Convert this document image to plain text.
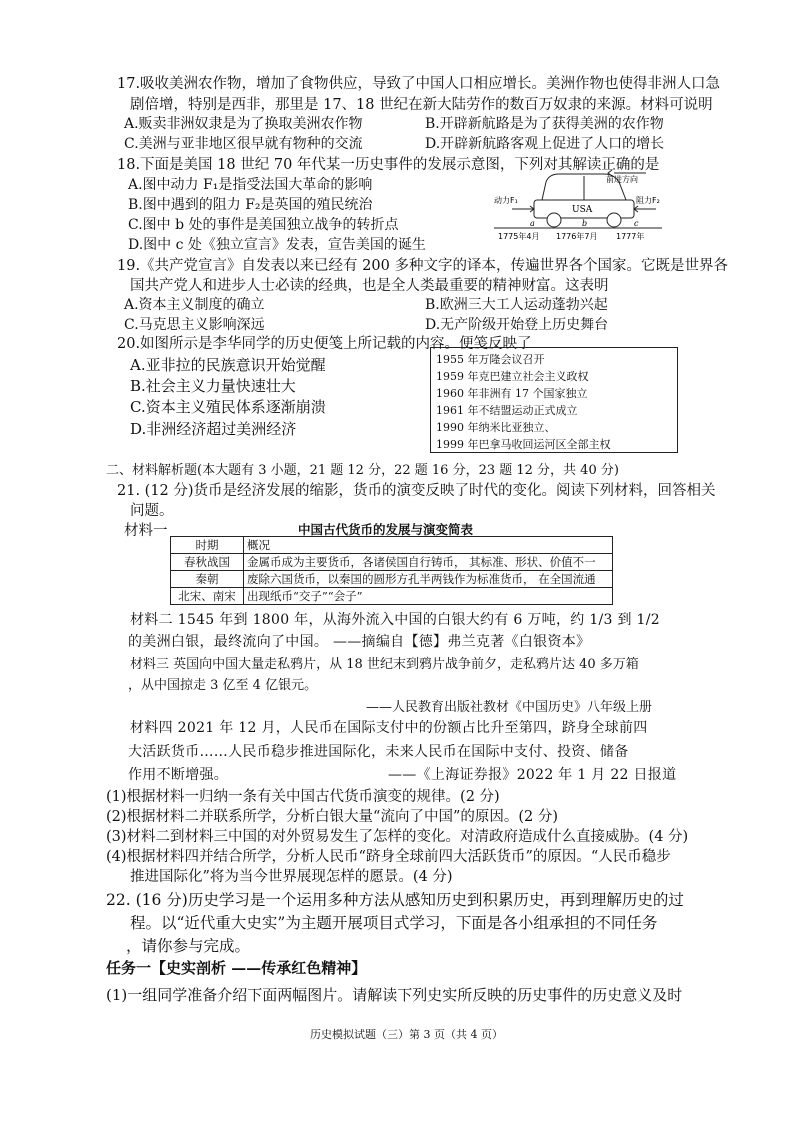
17.吸收美洲农作物，增加了食物供应，导致了中国人口相应增长。美洲作物也使得非洲人口急
剧倍增，特别是西非，那里是 17、18 世纪在新大陆劳作的数百万奴隶的来源。材料可说明
A.贩卖非洲奴隶是为了换取美洲农作物	B.开辟新航路是为了获得美洲的农作物
C.美洲与亚非地区很早就有物种的交流	D.开辟新航路客观上促进了人口的增长
18.下面是美国 18 世纪 70 年代某一历史事件的发展示意图，下列对其解读正确的是
A.图中动力 F₁是指受法国大革命的影响
B.图中遇到的阻力 F₂是英国的殖民统治
C.图中 b 处的事件是美国独立战争的转折点
D.图中 c 处《独立宣言》发表，宣告美国的诞生
前进方向
USA
动力F₁	阻力F₂
a	b	c
1775年4月 1776年7月 1777年
19.《共产党宣言》自发表以来已经有 200 多种文字的译本，传遍世界各个国家。它既是世界各
国共产党人和进步人士必读的经典，也是全人类最重要的精神财富。这表明
A.资本主义制度的确立	B.欧洲三大工人运动蓬勃兴起
C.马克思主义影响深远	D.无产阶级开始登上历史舞台
20.如图所示是李华同学的历史便笺上所记载的内容。便笺反映了
A.亚非拉的民族意识开始觉醒
B.社会主义力量快速壮大
C.资本主义殖民体系逐渐崩溃
D.非洲经济超过美洲经济
1955 年万隆会议召开
1959 年克巴建立社会主义政权
1960 年非洲有 17 个国家独立
1961 年不结盟运动正式成立
1990 年纳米比亚独立、
1999 年巴拿马收回运河区全部主权
二、材料解析题(本大题有 3 小题，21 题 12 分，22 题 16 分，23 题 12 分，共 40 分)
21. (12 分)货币是经济发展的缩影，货币的演变反映了时代的变化。阅读下列材料，回答相关
问题。
材料一	中国古代货币的发展与演变简表
时期	概况
春秋战国	金属币成为主要货币，各诸侯国自行铸币， 其标准、形状、价值不一
秦朝	废除六国货币，以秦国的圆形方孔半两钱作为标准货币， 在全国流通
北宋、南宋	出现纸币“交子”“会子”
材料二 1545 年到 1800 年，从海外流入中国的白银大约有 6 万吨，约 1/3 到 1/2
的美洲白银，最终流向了中国。 ——摘编自【德】弗兰克著《白银资本》
材料三 英国向中国大量走私鸦片，从 18 世纪末到鸦片战争前夕，走私鸦片达 40 多万箱
，从中国掠走 3 亿至 4 亿银元。
——人民教育出版社教材《中国历史》八年级上册
材料四 2021 年 12 月，人民币在国际支付中的份额占比升至第四，跻身全球前四
大活跃货币……人民币稳步推进国际化，未来人民币在国际中支付、投资、储备
作用不断增强。	——《上海证券报》2022 年 1 月 22 日报道
(1)根据材料一归纳一条有关中国古代货币演变的规律。(2 分)
(2)根据材料二并联系所学，分析白银大量“流向了中国”的原因。(2 分)
(3)材料二到材料三中国的对外贸易发生了怎样的变化。对清政府造成什么直接威胁。(4 分)
(4)根据材料四并结合所学，分析人民币“跻身全球前四大活跃货币”的原因。“人民币稳步
推进国际化”将为当今世界展现怎样的愿景。(4 分)
22. (16 分)历史学习是一个运用多种方法从感知历史到积累历史，再到理解历史的过
程。以“近代重大史实”为主题开展项目式学习，下面是各小组承担的不同任务
，请你参与完成。
任务一【史实剖析 ——传承红色精神】
(1)一组同学准备介绍下面两幅图片。请解读下列史实所反映的历史事件的历史意义及时
历史模拟试题（三）第 3 页（共 4 页）
